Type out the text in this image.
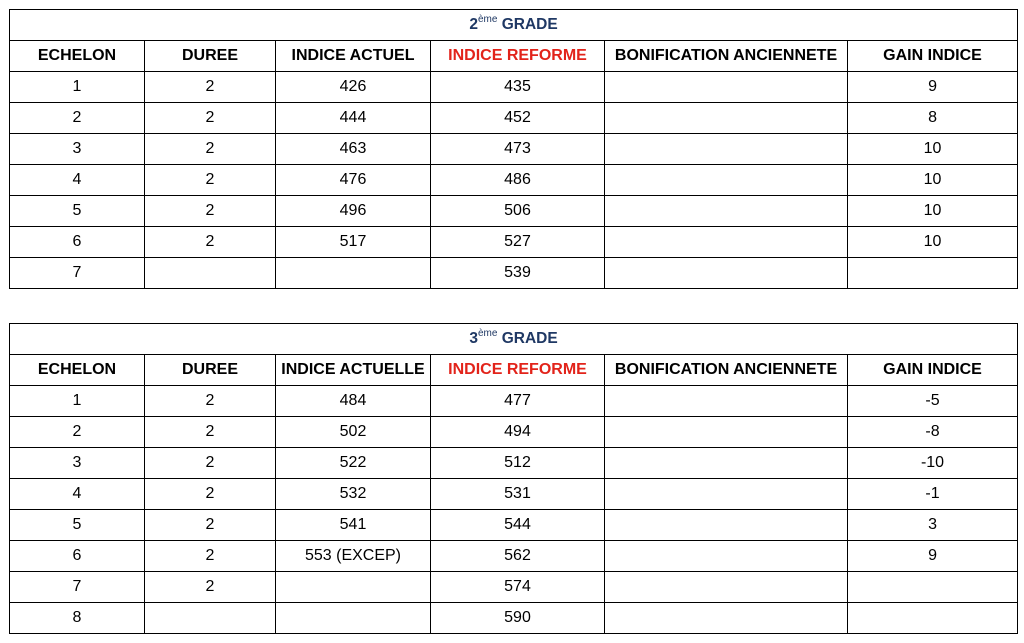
2ème GRADE					
ECHELON	DUREE	INDICE ACTUEL	INDICE REFORME	BONIFICATION ANCIENNETE	GAIN INDICE
1	2	426	435		9
2	2	444	452		8
3	2	463	473		10
4	2	476	486		10
5	2	496	506		10
6	2	517	527		10
7			539		
3ème GRADE					
ECHELON	DUREE	INDICE ACTUELLE	INDICE REFORME	BONIFICATION ANCIENNETE	GAIN INDICE
1	2	484	477		-5
2	2	502	494		-8
3	2	522	512		-10
4	2	532	531		-1
5	2	541	544		3
6	2	553 (EXCEP)	562		9
7	2		574		
8			590		
